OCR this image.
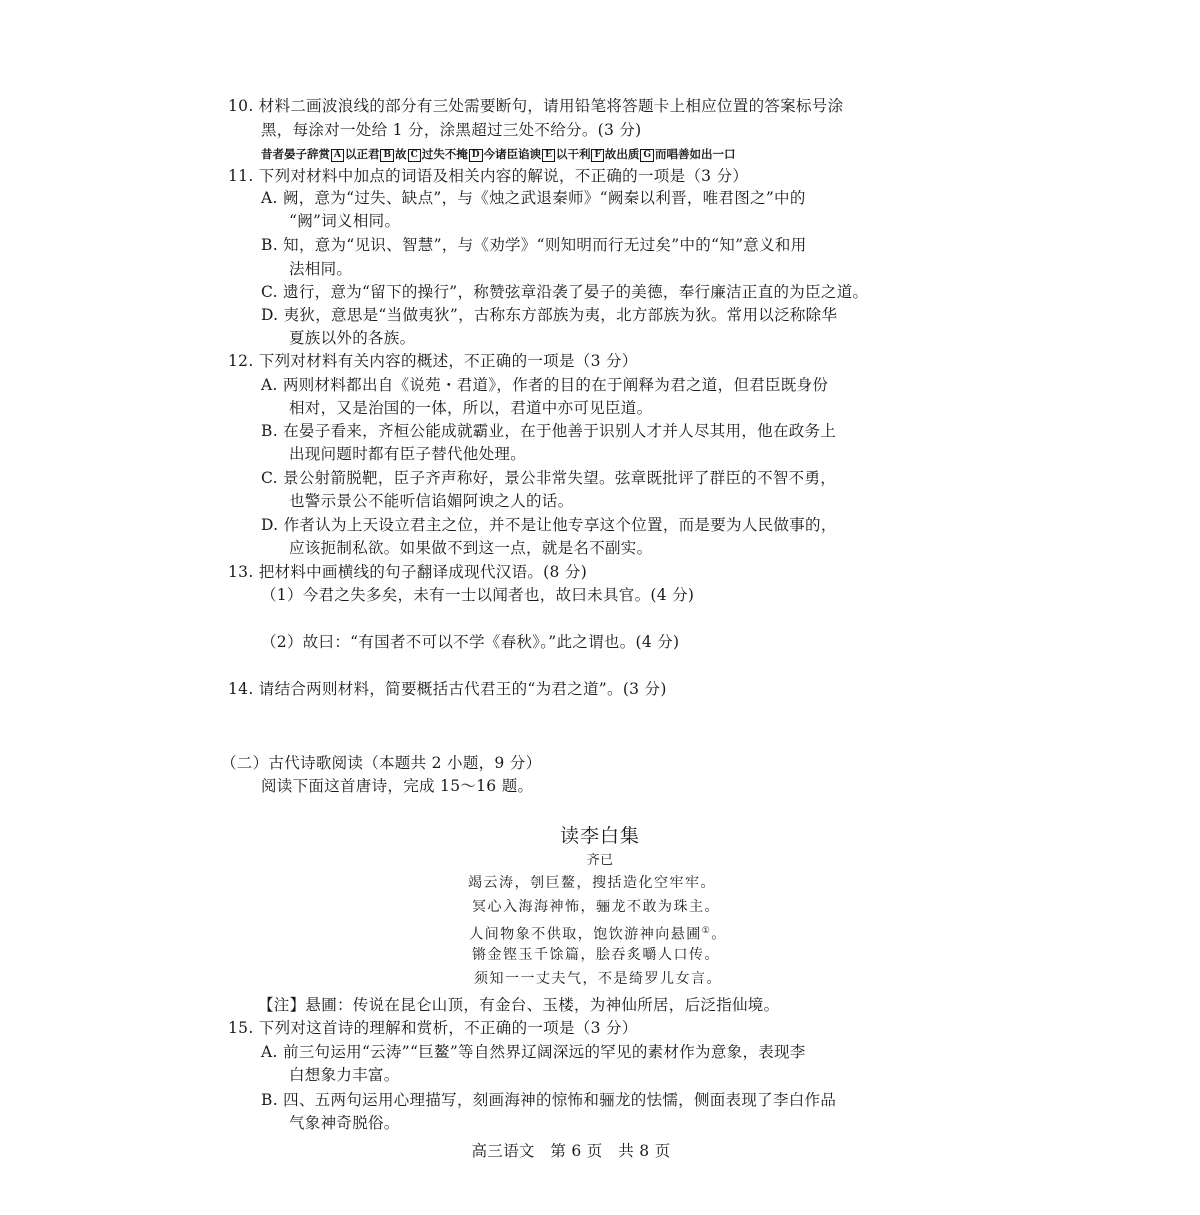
10. 材料二画波浪线的部分有三处需要断句，请用铅笔将答题卡上相应位置的答案标号涂
黑，每涂对一处给 1 分，涂黑超过三处不给分。(3 分)
昔者晏子辞赏 A 以正君 B 故 C 过失不掩 D 今诸臣谄谀 E 以干利 F 故出质 G 而唱善如出一口
11. 下列对材料中加点的词语及相关内容的解说，不正确的一项是（3 分）
A. 阙，意为“过失、缺点”，与《烛之武退秦师》“阙秦以利晋，唯君图之”中的
“阙”词义相同。
B. 知，意为“见识、智慧”，与《劝学》“则知明而行无过矣”中的“知”意义和用
法相同。
C. 遗行，意为“留下的操行”，称赞弦章沿袭了晏子的美德，奉行廉洁正直的为臣之道。
D. 夷狄，意思是“当做夷狄”，古称东方部族为夷，北方部族为狄。常用以泛称除华
夏族以外的各族。
12. 下列对材料有关内容的概述，不正确的一项是（3 分）
A. 两则材料都出自《说苑・君道》，作者的目的在于阐释为君之道，但君臣既身份
相对，又是治国的一体，所以，君道中亦可见臣道。
B. 在晏子看来，齐桓公能成就霸业，在于他善于识别人才并人尽其用，他在政务上
出现问题时都有臣子替代他处理。
C. 景公射箭脱靶，臣子齐声称好，景公非常失望。弦章既批评了群臣的不智不勇，
也警示景公不能听信谄媚阿谀之人的话。
D. 作者认为上天设立君主之位，并不是让他专享这个位置，而是要为人民做事的，
应该扼制私欲。如果做不到这一点，就是名不副实。
13. 把材料中画横线的句子翻译成现代汉语。(8 分)
（1）今君之失多矣，未有一士以闻者也，故曰未具官。(4 分)
（2）故曰：“有国者不可以不学《春秋》。”此之谓也。(4 分)
14. 请结合两则材料，简要概括古代君王的“为君之道”。(3 分)
（二）古代诗歌阅读（本题共 2 小题，9 分）
阅读下面这首唐诗，完成 15～16 题。
读李白集
齐已
竭云涛，刳巨鳌，搜括造化空牢牢。
冥心入海海神怖，骊龙不敢为珠主。
人间物象不供取，饱饮游神向悬圃①。
锵金铿玉千馀篇，脍吞炙嚼人口传。
须知一一丈夫气，不是绮罗儿女言。
【注】悬圃：传说在昆仑山顶，有金台、玉楼，为神仙所居，后泛指仙境。
15. 下列对这首诗的理解和赏析，不正确的一项是（3 分）
A. 前三句运用“云涛”“巨鳌”等自然界辽阔深远的罕见的素材作为意象，表现李
白想象力丰富。
B. 四、五两句运用心理描写，刻画海神的惊怖和骊龙的怯懦，侧面表现了李白作品
气象神奇脱俗。
高三语文   第 6 页   共 8 页
